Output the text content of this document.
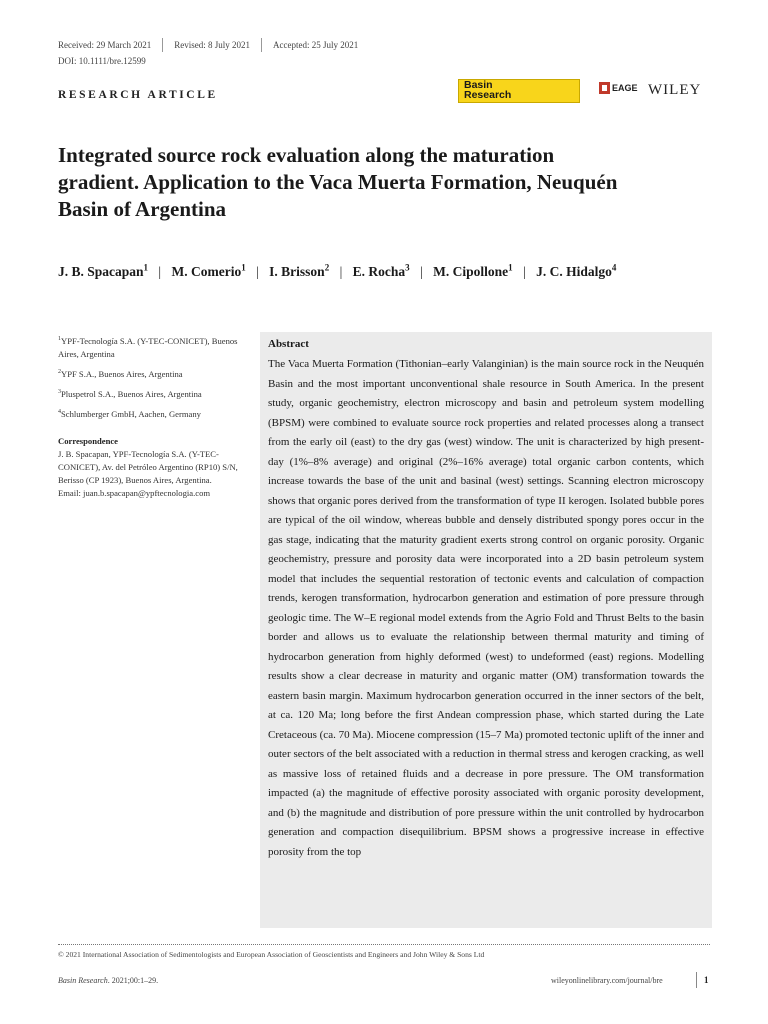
Received: 29 March 2021	Revised: 8 July 2021	Accepted: 25 July 2021
DOI: 10.1111/bre.12599
RESEARCH ARTICLE
Basin
Research
EAGE WILEY
Integrated source rock evaluation along the maturation gradient. Application to the Vaca Muerta Formation, Neuquén Basin of Argentina
J. B. Spacapan$^1$ | M. Comerio$^1$ | I. Brisson$^2$ | E. Rocha$^3$ | M. Cipollone$^1$ | J. C. Hidalgo$^4$
$^1$YPF-Tecnología S.A. (Y-TEC-CONICET), Buenos Aires, Argentina
$^2$YPF S.A., Buenos Aires, Argentina
$^3$Pluspetrol S.A., Buenos Aires, Argentina
$^4$Schlumberger GmbH, Aachen, Germany
Correspondence
J. B. Spacapan, YPF-Tecnología S.A. (Y-TEC-CONICET), Av. del Petróleo Argentino (RP10) S/N, Berisso (CP 1923), Buenos Aires, Argentina.
Email: juan.b.spacapan@ypftecnologia.com
Abstract

The Vaca Muerta Formation (Tithonian–early Valanginian) is the main source rock in the Neuquén Basin and the most important unconventional shale resource in South America. In the present study, organic geochemistry, electron microscopy and basin and petroleum system modelling (BPSM) were combined to evaluate source rock properties and related processes along a transect from the early oil (east) to the dry gas (west) window. The unit is characterized by high present-day (1%–8% average) and original (2%–16% average) total organic carbon contents, which increase towards the base of the unit and basinal (west) settings. Scanning electron microscopy shows that organic pores derived from the transformation of type II kerogen. Isolated bubble pores are typical of the oil window, whereas bubble and densely distributed spongy pores occur in the gas stage, indicating that the maturity gradient exerts strong control on organic porosity. Organic geochemistry, pressure and porosity data were incorporated into a 2D basin petroleum system model that includes the sequential restoration of tectonic events and calculation of compaction trends, kerogen transformation, hydrocarbon generation and estimation of pore pressure through geologic time. The W–E regional model extends from the Agrio Fold and Thrust Belts to the basin border and allows us to evaluate the relationship between thermal maturity and timing of hydrocarbon generation from highly deformed (west) to undeformed (east) regions. Modelling results show a clear decrease in maturity and organic matter (OM) transformation towards the eastern basin margin. Maximum hydrocarbon generation occurred in the inner sectors of the belt, at ca. 120 Ma; long before the first Andean compression phase, which started during the Late Cretaceous (ca. 70 Ma). Miocene compression (15–7 Ma) promoted tectonic uplift of the inner and outer sectors of the belt associated with a reduction in thermal stress and kerogen cracking, as well as massive loss of retained fluids and a decrease in pore pressure. The OM transformation impacted (a) the magnitude of effective porosity associated with organic porosity development, and (b) the magnitude and distribution of pore pressure within the unit controlled by hydrocarbon generation and compaction disequilibrium. BPSM shows a progressive increase in effective porosity from the top

© 2021 International Association of Sedimentologists and European Association of Geoscientists and Engineers and John Wiley & Sons Ltd
Basin Research. 2021;00:1–29.	wileyonlinelibrary.com/journal/bre	1
